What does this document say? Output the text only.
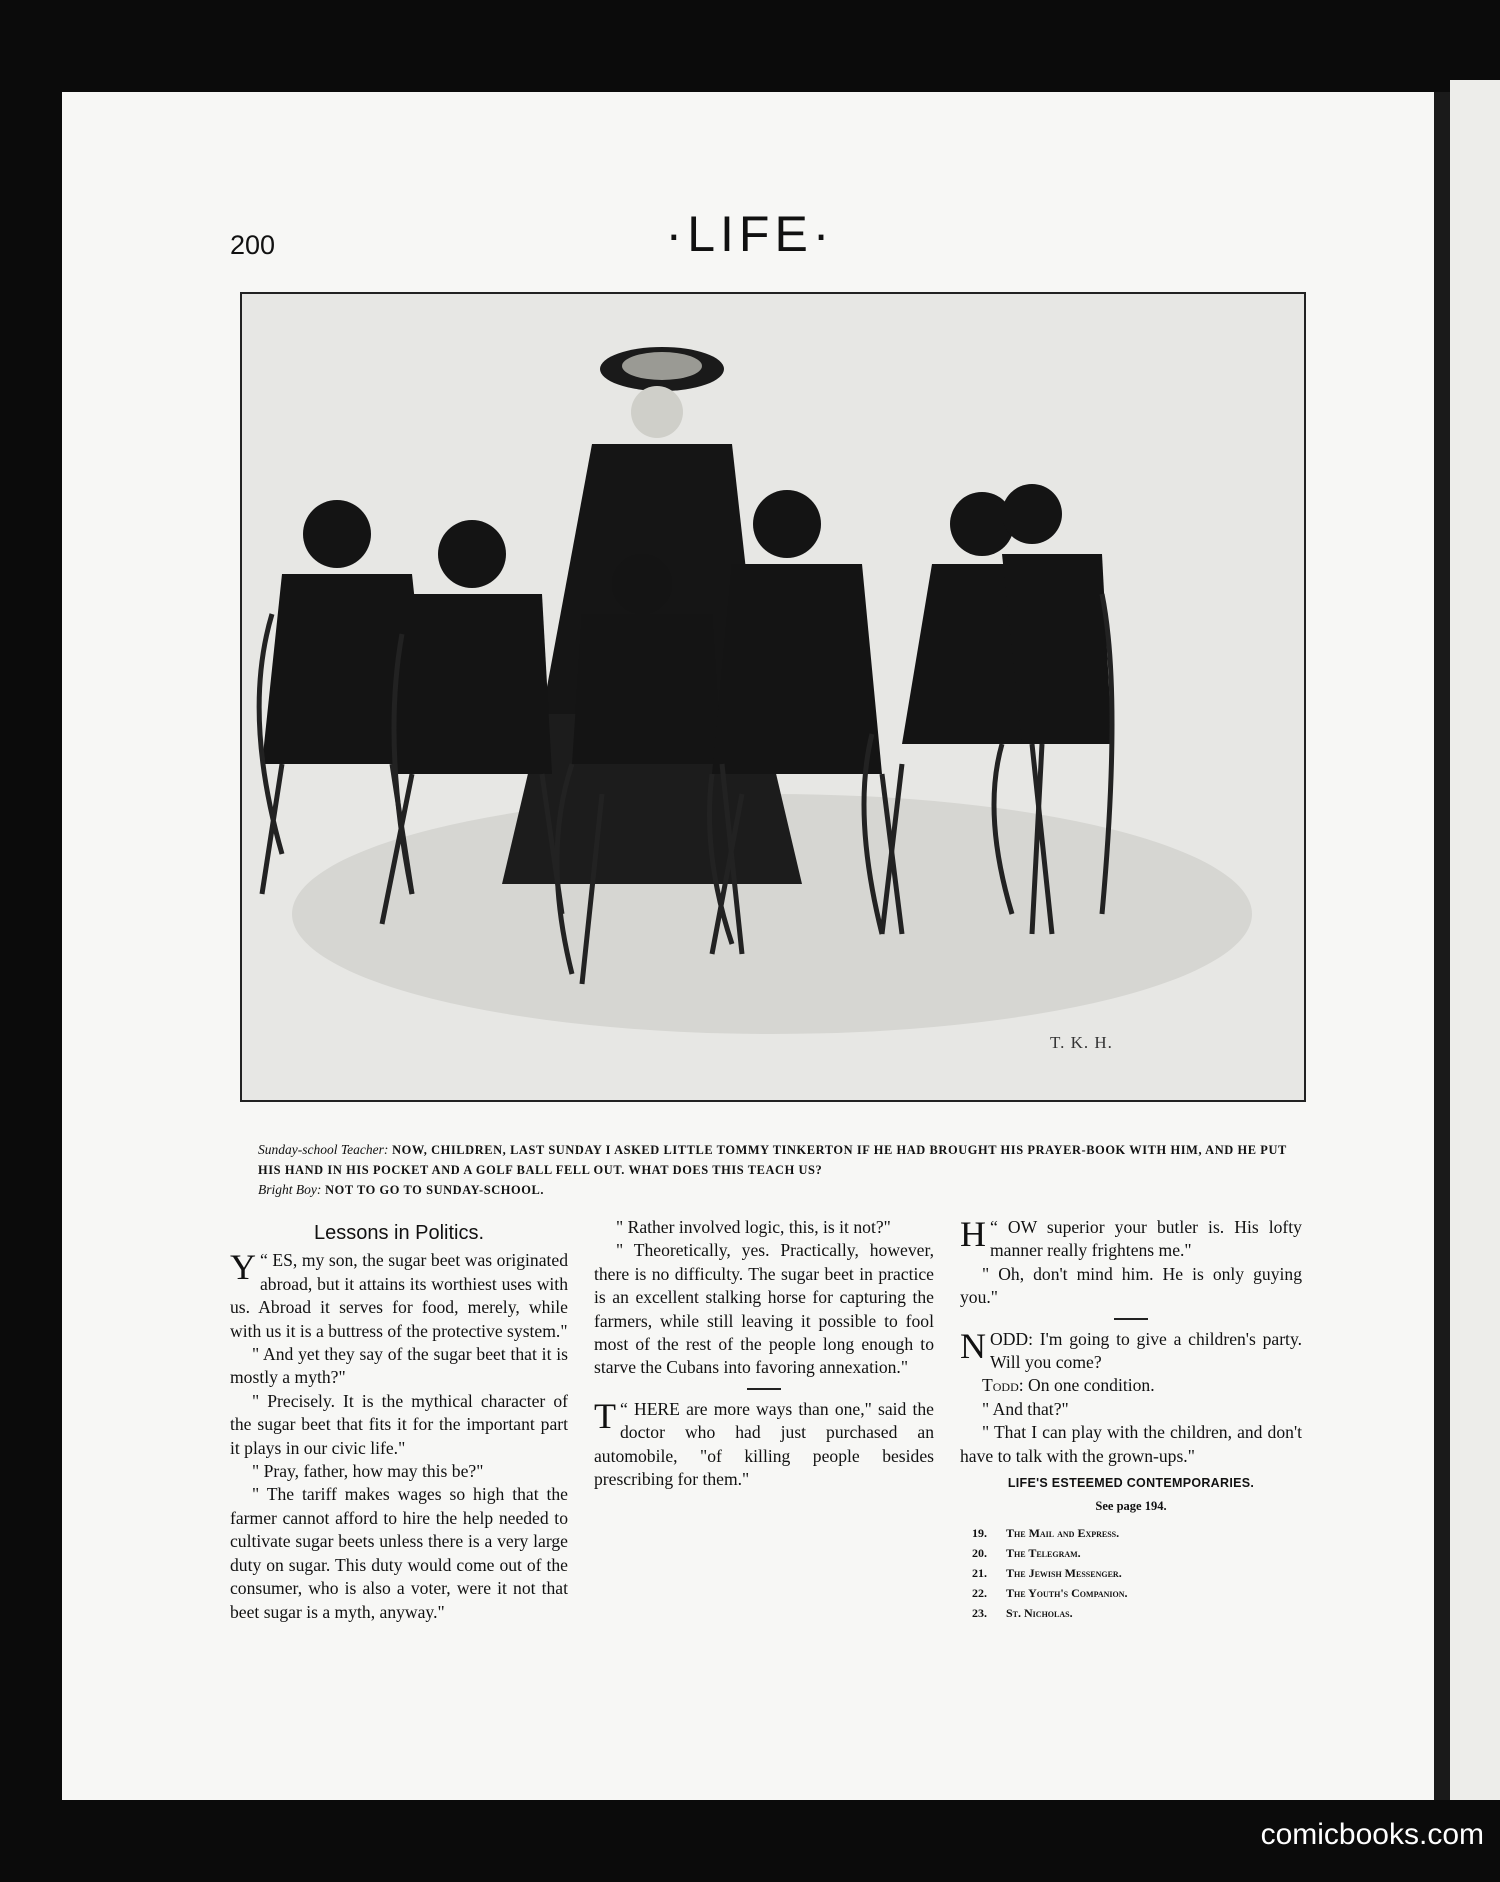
200	·LIFE·
T. K. H.
Sunday-school Teacher: NOW, CHILDREN, LAST SUNDAY I ASKED LITTLE TOMMY TINKERTON IF HE HAD BROUGHT HIS PRAYER-BOOK WITH HIM, AND HE PUT HIS HAND IN HIS POCKET AND A GOLF BALL FELL OUT. WHAT DOES THIS TEACH US?
Bright Boy: NOT TO GO TO SUNDAY-SCHOOL.

Lessons in Politics.

“
Y ES, my son, the sugar beet was originated abroad, but it attains its worthiest uses with us. Abroad it serves for food, merely, while with us it is a buttress of the protective system."

" And yet they say of the sugar beet that it is mostly a myth?"

" Precisely. It is the mythical character of the sugar beet that fits it for the important part it plays in our civic life."

" Pray, father, how may this be?"

" The tariff makes wages so high that the farmer cannot afford to hire the help needed to cultivate sugar beets unless there is a very large duty on sugar. This duty would come out of the consumer, who is also a voter, were it not that beet sugar is a myth, anyway."

" Rather involved logic, this, is it not?"

" Theoretically, yes. Practically, however, there is no difficulty. The sugar beet in practice is an excellent stalking horse for capturing the farmers, while still leaving it possible to fool most of the rest of the people long enough to starve the Cubans into favoring annexation."

“
T HERE are more ways than one," said the doctor who had just purchased an automobile, "of killing people besides prescribing for them."

“
H OW superior your butler is. His lofty manner really frightens me."

" Oh, don't mind him. He is only guying you."

NODD: I'm going to give a children's party. Will you come?

Todd: On one condition.

" And that?"

" That I can play with the children, and don't have to talk with the grown-ups."

LIFE'S ESTEEMED CONTEMPORARIES.

See page 194.

19. The Mail and Express.
20. The Telegram.
21. The Jewish Messenger.
22. The Youth's Companion.
23. St. Nicholas.
comicbooks.com
